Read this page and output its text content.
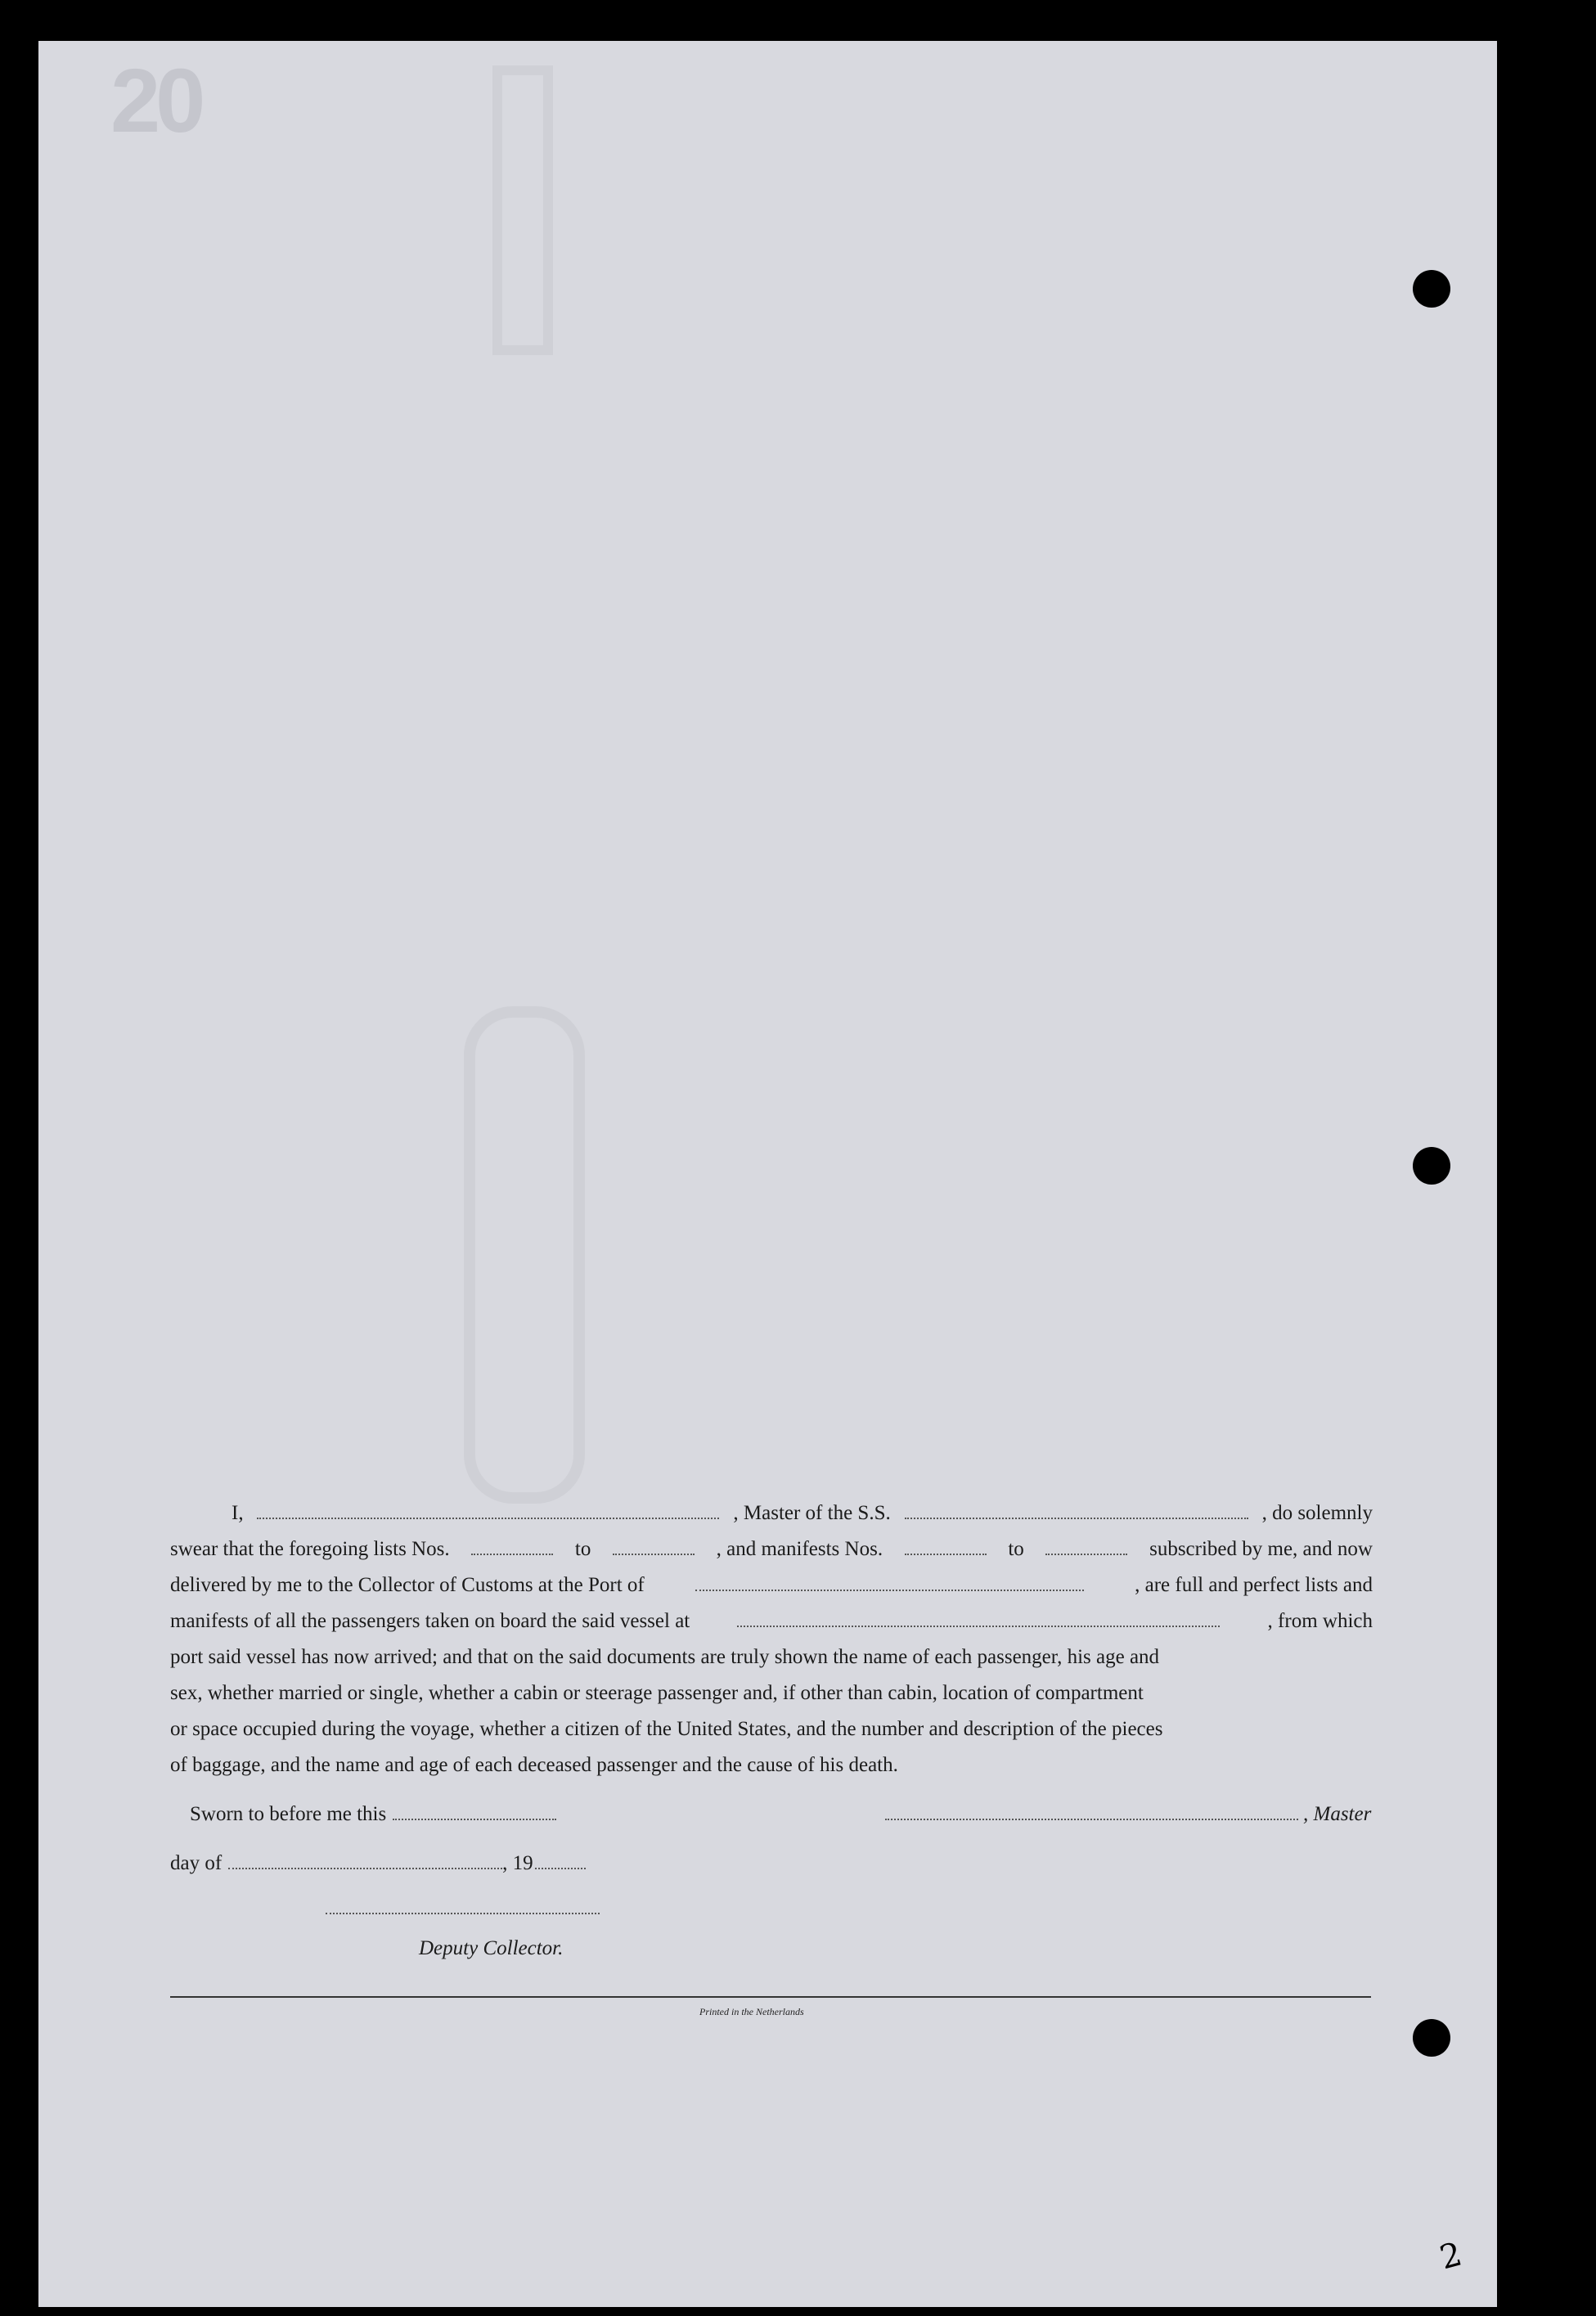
20
I,	, Master of the S.S.	, do solemnly
swear that the foregoing lists Nos.	to	, and manifests Nos.	to	subscribed by me, and now
delivered by me to the Collector of Customs at the Port of	, are full and perfect lists and
manifests of all the passengers taken on board the said vessel at	, from which
port said vessel has now arrived; and that on the said documents are truly shown the name of each passenger, his age and
sex, whether married or single, whether a cabin or steerage passenger and, if other than cabin, location of compartment
or space occupied during the voyage, whether a citizen of the United States, and the number and description of the pieces
of baggage, and the name and age of each deceased passenger and the cause of his death.
Sworn to before me this	, Master
day of	, 19
Deputy Collector.
Printed in the Netherlands
2
